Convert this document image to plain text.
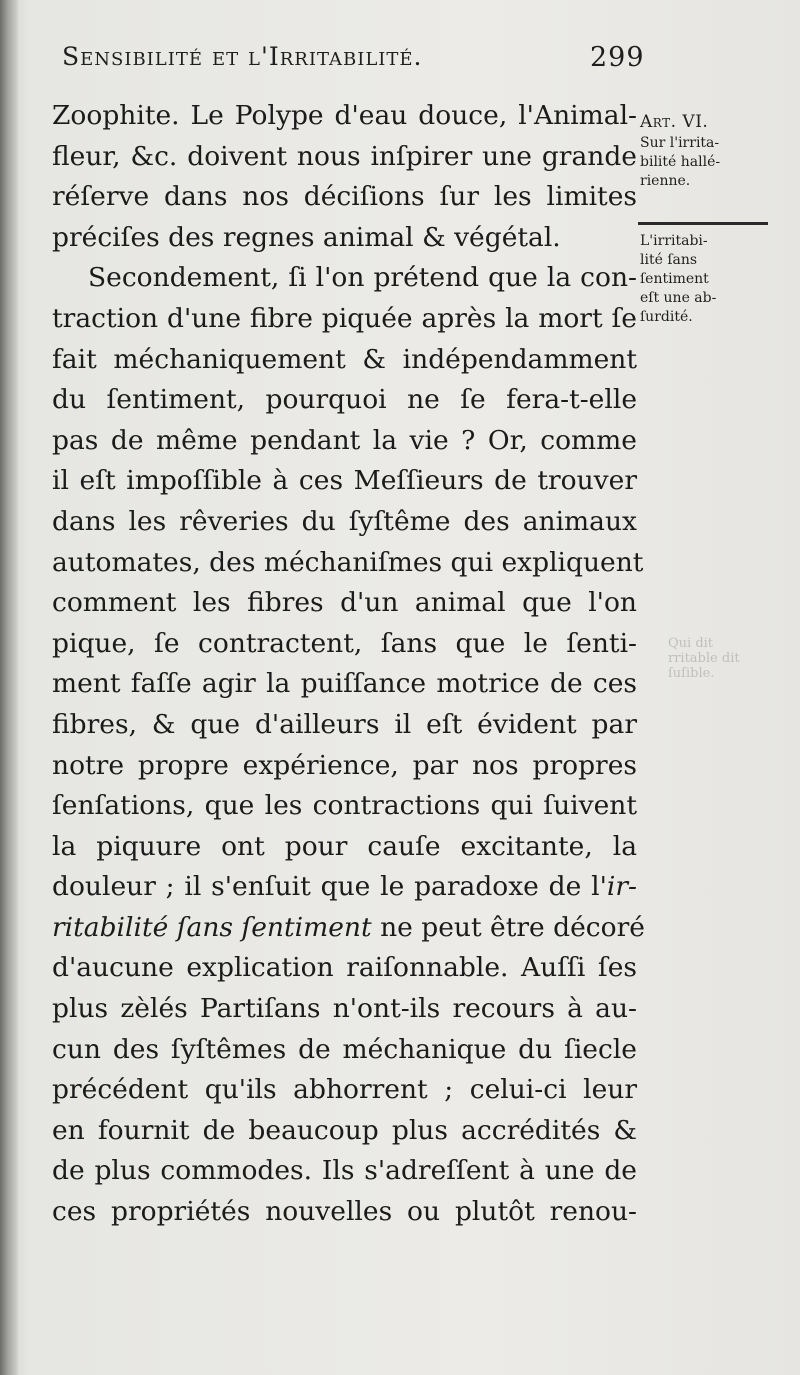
Sensibilité et l'Irritabilité.	299
Zoophite. Le Polype d'eau douce, l'Animal-
fleur, &c. doivent nous inſpirer une grande
réſerve dans nos déciſions ſur les limites
préciſes des regnes animal & végétal.
Secondement, ſi l'on prétend que la con-
traction d'une fibre piquée après la mort ſe
fait méchaniquement & indépendamment
du ſentiment, pourquoi ne ſe fera-t-elle
pas de même pendant la vie ? Or, comme
il eſt impoſſible à ces Meſſieurs de trouver
dans les rêveries du ſyſtême des animaux
automates, des méchaniſmes qui expliquent
comment les fibres d'un animal que l'on
pique, ſe contractent, ſans que le ſenti-
ment faſſe agir la puiſſance motrice de ces
fibres, & que d'ailleurs il eſt évident par
notre propre expérience, par nos propres
ſenſations, que les contractions qui ſuivent
la piquure ont pour cauſe excitante, la
douleur ; il s'enſuit que le paradoxe de l'ir-
ritabilité ſans ſentiment ne peut être décoré
d'aucune explication raiſonnable. Auſſi ſes
plus zèlés Partiſans n'ont-ils recours à au-
cun des ſyſtêmes de méchanique du ſiecle
précédent qu'ils abhorrent ; celui-ci leur
en fournit de beaucoup plus accrédités &
de plus commodes. Ils s'adreſſent à une de
ces propriétés nouvelles ou plutôt renou-
Art. VI.
Sur l'irrita-
bilité hallé-
rienne.
L'irritabi-
lité ſans
ſentiment
eſt une ab-
ſurdité.
Qui dit
rritable dit
ſuſible.
